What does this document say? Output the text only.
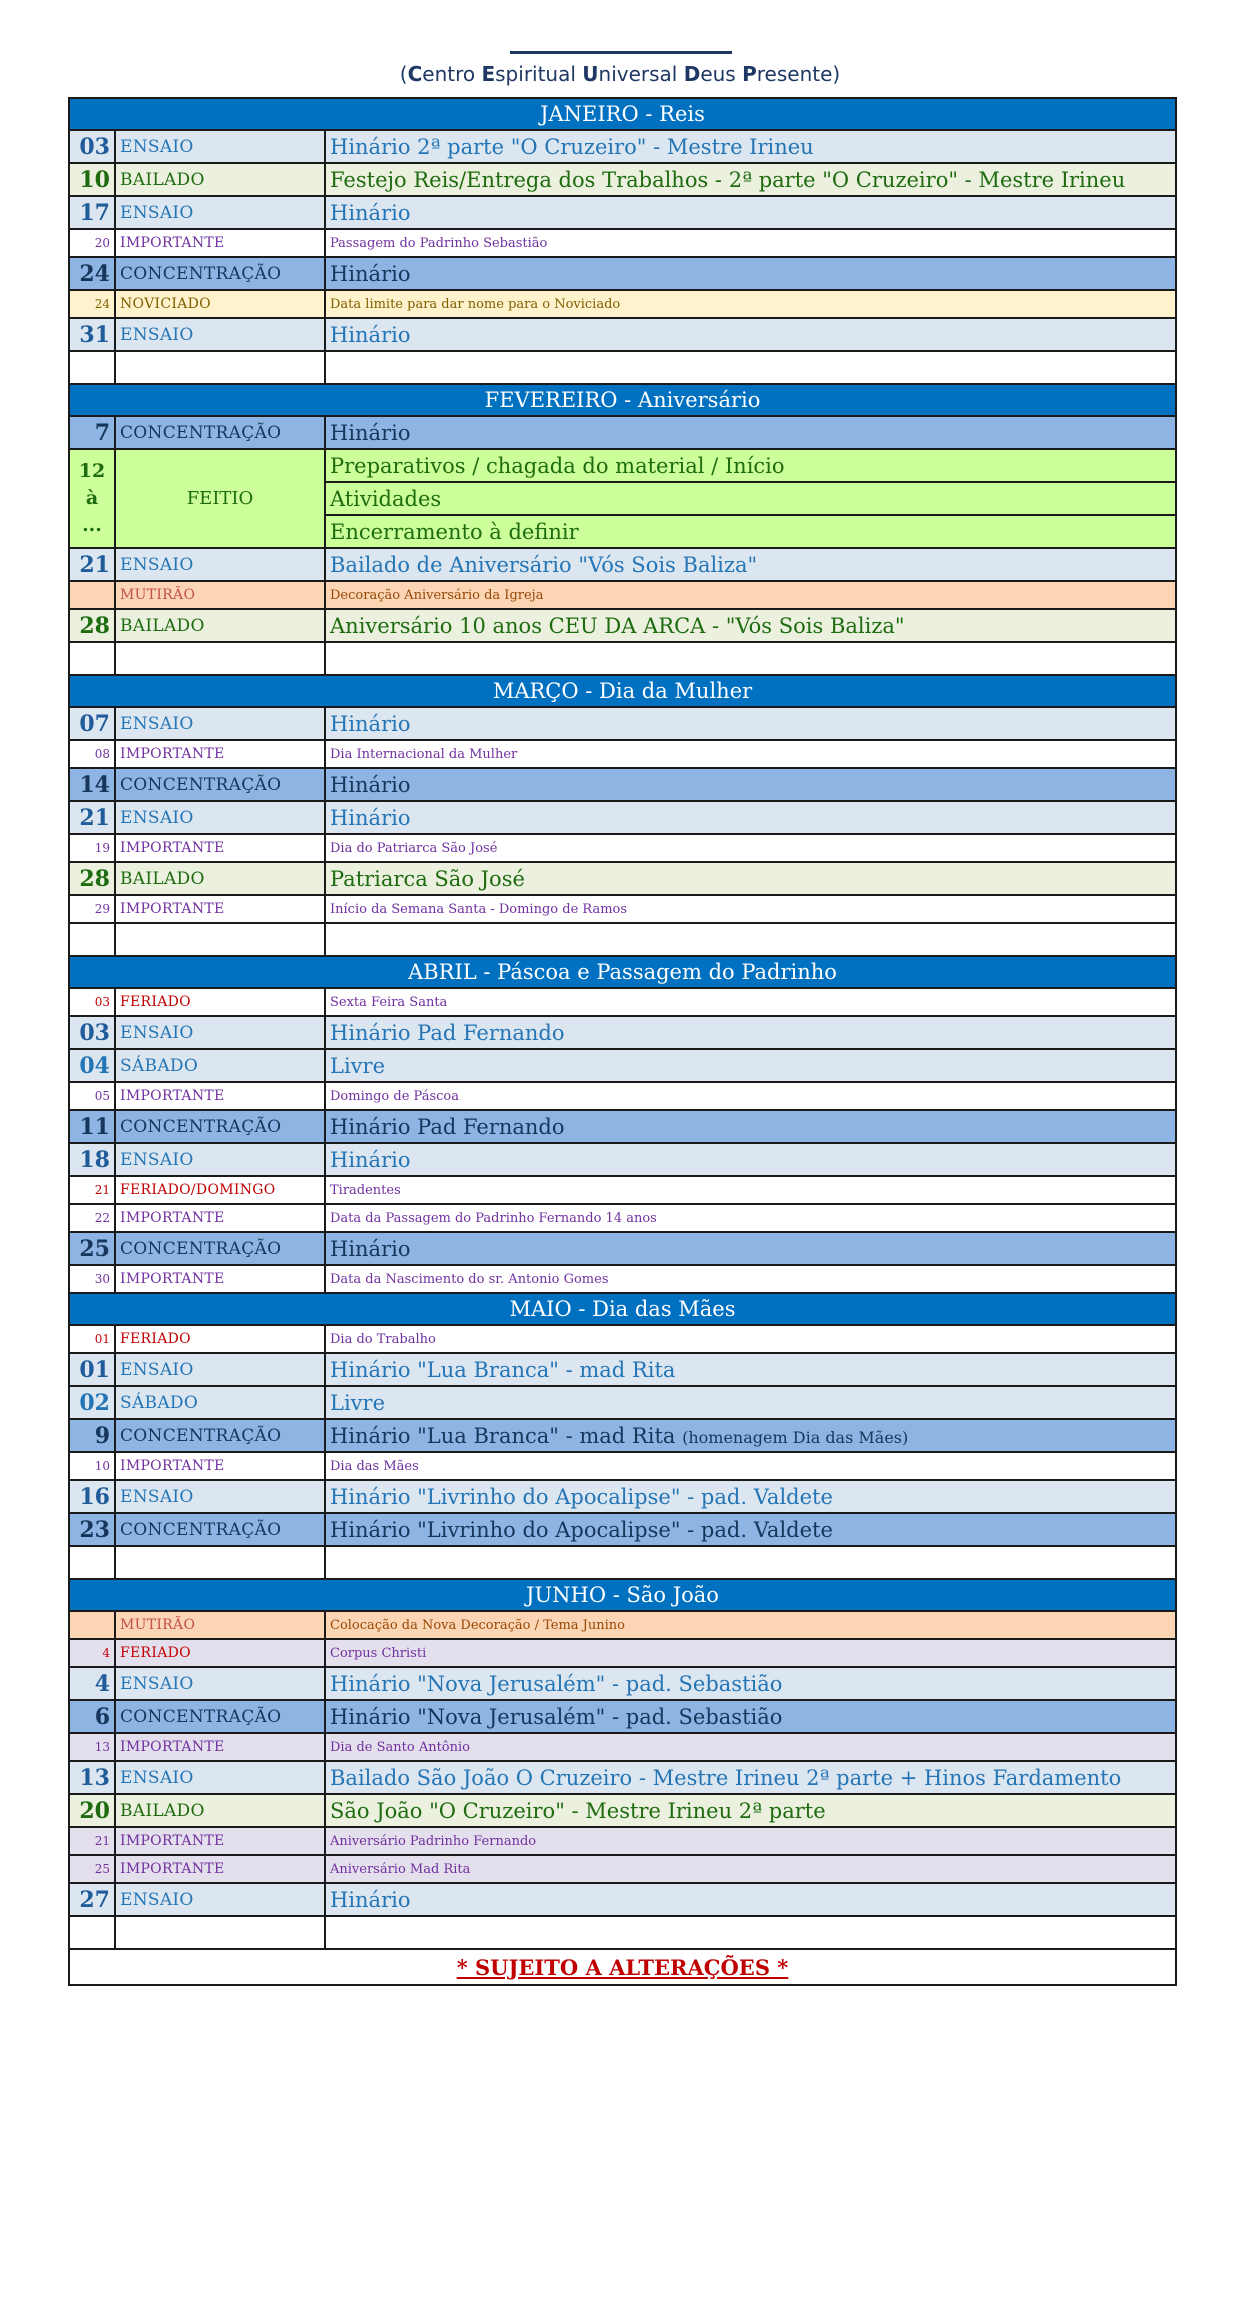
(Centro Espiritual Universal Deus Presente)
JANEIRO - Reis		
03	ENSAIO	Hinário 2ª parte "O Cruzeiro" - Mestre Irineu
10	BAILADO	Festejo Reis/Entrega dos Trabalhos - 2ª parte "O Cruzeiro" - Mestre Irineu
17	ENSAIO	Hinário
20	IMPORTANTE	Passagem do Padrinho Sebastião
24	CONCENTRAÇÃO	Hinário
24	NOVICIADO	Data limite para dar nome para o Noviciado
31	ENSAIO	Hinário

FEVEREIRO - Aniversário		
7	CONCENTRAÇÃO	Hinário
12 à ...	FEITIO	Preparativos / chagada do material / Início
		Atividades
		Encerramento à definir
21	ENSAIO	Bailado de Aniversário "Vós Sois Baliza"
	MUTIRÃO	Decoração Aniversário da Igreja
28	BAILADO	Aniversário 10 anos CEU DA ARCA - "Vós Sois Baliza"

MARÇO - Dia da Mulher		
07	ENSAIO	Hinário
08	IMPORTANTE	Dia Internacional da Mulher
14	CONCENTRAÇÃO	Hinário
21	ENSAIO	Hinário
19	IMPORTANTE	Dia do Patriarca São José
28	BAILADO	Patriarca São José
29	IMPORTANTE	Início da Semana Santa - Domingo de Ramos

ABRIL - Páscoa e Passagem do Padrinho		
03	FERIADO	Sexta Feira Santa
03	ENSAIO	Hinário Pad Fernando
04	SÁBADO	Livre
05	IMPORTANTE	Domingo de Páscoa
11	CONCENTRAÇÃO	Hinário Pad Fernando
18	ENSAIO	Hinário
21	FERIADO/DOMINGO	Tiradentes
22	IMPORTANTE	Data da Passagem do Padrinho Fernando 14 anos
25	CONCENTRAÇÃO	Hinário
30	IMPORTANTE	Data da Nascimento do sr. Antonio Gomes
MAIO - Dia das Mães		
01	FERIADO	Dia do Trabalho
01	ENSAIO	Hinário "Lua Branca" - mad Rita
02	SÁBADO	Livre
9	CONCENTRAÇÃO	Hinário "Lua Branca" - mad Rita (homenagem Dia das Mães)
10	IMPORTANTE	Dia das Mães
16	ENSAIO	Hinário "Livrinho do Apocalipse" - pad. Valdete
23	CONCENTRAÇÃO	Hinário "Livrinho do Apocalipse" - pad. Valdete

JUNHO - São João		
	MUTIRÃO	Colocação da Nova Decoração / Tema Junino
4	FERIADO	Corpus Christi
4	ENSAIO	Hinário "Nova Jerusalém" - pad. Sebastião
6	CONCENTRAÇÃO	Hinário "Nova Jerusalém" - pad. Sebastião
13	IMPORTANTE	Dia de Santo Antônio
13	ENSAIO	Bailado São João O Cruzeiro - Mestre Irineu 2ª parte + Hinos Fardamento
20	BAILADO	São João "O Cruzeiro" - Mestre Irineu 2ª parte
21	IMPORTANTE	Aniversário Padrinho Fernando
25	IMPORTANTE	Aniversário Mad Rita
27	ENSAIO	Hinário

* SUJEITO A ALTERAÇÕES *		
